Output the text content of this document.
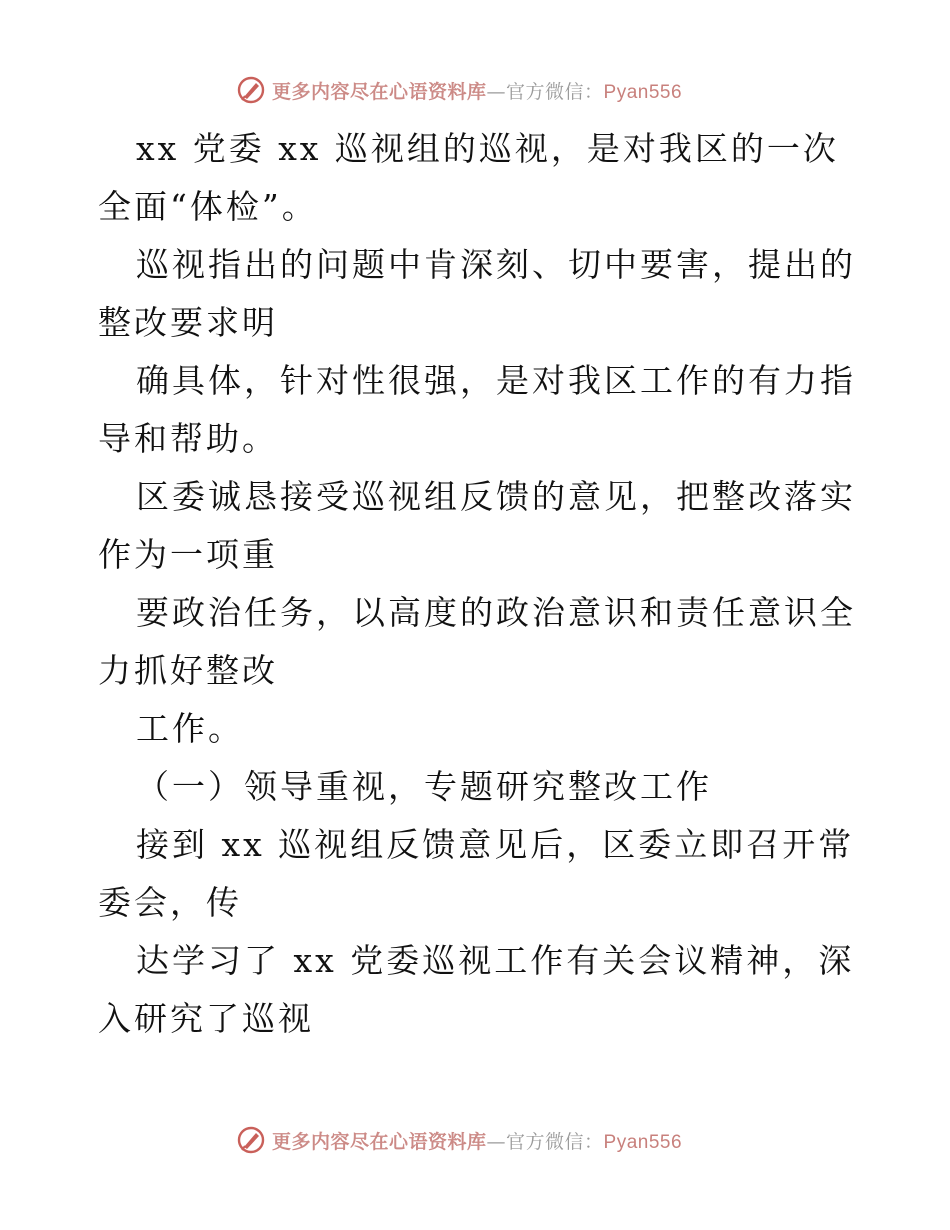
更多内容尽在心语资料库—官方微信：Pyan556

xx 党委 xx 巡视组的巡视，是对我区的一次全面“体检”。

巡视指出的问题中肯深刻、切中要害，提出的整改要求明

确具体，针对性很强，是对我区工作的有力指导和帮助。

区委诚恳接受巡视组反馈的意见，把整改落实作为一项重

要政治任务，以高度的政治意识和责任意识全力抓好整改

工作。

（一）领导重视，专题研究整改工作

接到 xx 巡视组反馈意见后，区委立即召开常委会，传

达学习了 xx 党委巡视工作有关会议精神，深入研究了巡视

更多内容尽在心语资料库—官方微信：Pyan556
